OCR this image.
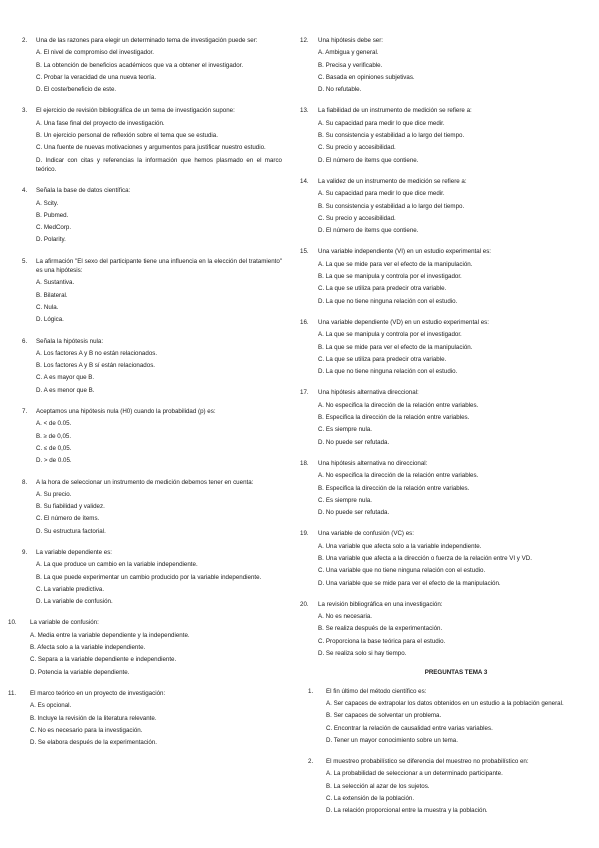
2. Una de las razones para elegir un determinado tema de investigación puede ser:
A. El nivel de compromiso del investigador.
B. La obtención de beneficios académicos que va a obtener el investigador.
C. Probar la veracidad de una nueva teoría.
D. El coste/beneficio de este.
3. El ejercicio de revisión bibliográfica de un tema de investigación supone:
A. Una fase final del proyecto de investigación.
B. Un ejercicio personal de reflexión sobre el tema que se estudia.
C. Una fuente de nuevas motivaciones y argumentos para justificar nuestro estudio.
D. Indicar con citas y referencias la información que hemos plasmado en el marco teórico.
4. Señala la base de datos científica:
A. Scity.
B. Pubmed.
C. MedCorp.
D. Polarity.
5. La afirmación "El sexo del participante tiene una influencia en la elección del tratamiento" es una hipótesis:
A. Sustantiva.
B. Bilateral.
C. Nula.
D. Lógica.
6. Señala la hipótesis nula:
A. Los factores A y B no están relacionados.
B. Los factores A y B sí están relacionados.
C. A es mayor que B.
D. A es menor que B.
7. Aceptamos una hipótesis nula (H0) cuando la probabilidad (p) es:
A. < de 0.05.
B. ≥ de 0,05.
C. ≤ de 0,05.
D. > de 0.05.
8. A la hora de seleccionar un instrumento de medición debemos tener en cuenta:
A. Su precio.
B. Su fiabilidad y validez.
C. El número de ítems.
D. Su estructura factorial.
9. La variable dependiente es:
A. La que produce un cambio en la variable independiente.
B. La que puede experimentar un cambio producido por la variable independiente.
C. La variable predictiva.
D. La variable de confusión.
10. La variable de confusión:
A. Media entre la variable dependiente y la independiente.
B. Afecta solo a la variable independiente.
C. Separa a la variable dependiente e independiente.
D. Potencia la variable dependiente.
11. El marco teórico en un proyecto de investigación:
A. Es opcional.
B. Incluye la revisión de la literatura relevante.
C. No es necesario para la investigación.
D. Se elabora después de la experimentación.
12. Una hipótesis debe ser:
A. Ambigua y general.
B. Precisa y verificable.
C. Basada en opiniones subjetivas.
D. No refutable.
13. La fiabilidad de un instrumento de medición se refiere a:
A. Su capacidad para medir lo que dice medir.
B. Su consistencia y estabilidad a lo largo del tiempo.
C. Su precio y accesibilidad.
D. El número de ítems que contiene.
14. La validez de un instrumento de medición se refiere a:
A. Su capacidad para medir lo que dice medir.
B. Su consistencia y estabilidad a lo largo del tiempo.
C. Su precio y accesibilidad.
D. El número de ítems que contiene.
15. Una variable independiente (VI) en un estudio experimental es:
A. La que se mide para ver el efecto de la manipulación.
B. La que se manipula y controla por el investigador.
C. La que se utiliza para predecir otra variable.
D. La que no tiene ninguna relación con el estudio.
16. Una variable dependiente (VD) en un estudio experimental es:
A. La que se manipula y controla por el investigador.
B. La que se mide para ver el efecto de la manipulación.
C. La que se utiliza para predecir otra variable.
D. La que no tiene ninguna relación con el estudio.
17. Una hipótesis alternativa direccional:
A. No especifica la dirección de la relación entre variables.
B. Especifica la dirección de la relación entre variables.
C. Es siempre nula.
D. No puede ser refutada.
18. Una hipótesis alternativa no direccional:
A. No especifica la dirección de la relación entre variables.
B. Especifica la dirección de la relación entre variables.
C. Es siempre nula.
D. No puede ser refutada.
19. Una variable de confusión (VC) es:
A. Una variable que afecta solo a la variable independiente.
B. Una variable que afecta a la dirección o fuerza de la relación entre VI y VD.
C. Una variable que no tiene ninguna relación con el estudio.
D. Una variable que se mide para ver el efecto de la manipulación.
20. La revisión bibliográfica en una investigación:
A. No es necesaria.
B. Se realiza después de la experimentación.
C. Proporciona la base teórica para el estudio.
D. Se realiza solo si hay tiempo.
PREGUNTAS TEMA 3
1. El fin último del método científico es:
A. Ser capaces de extrapolar los datos obtenidos en un estudio a la población general.
B. Ser capaces de solventar un problema.
C. Encontrar la relación de causalidad entre varias variables.
D. Tener un mayor conocimiento sobre un tema.
2. El muestreo probabilístico se diferencia del muestreo no probabilístico en:
A. La probabilidad de seleccionar a un determinado participante.
B. La selección al azar de los sujetos.
C. La extensión de la población.
D. La relación proporcional entre la muestra y la población.
